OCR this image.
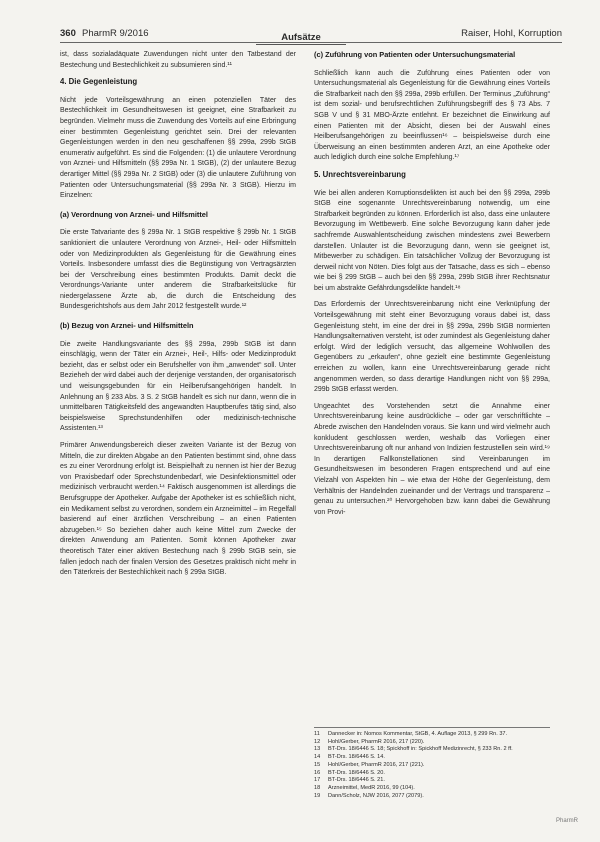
360 PharmR 9/2016	Aufsätze	Raiser, Hohl, Korruption

ist, dass sozialadäquate Zuwendungen nicht unter den Tatbestand der Bestechung und Bestechlichkeit zu subsumieren sind.¹¹

4. Die Gegenleistung

Nicht jede Vorteilsgewährung an einen potenziellen Täter des Bestechlichkeit im Gesundheitswesen ist geeignet, eine Strafbarkeit zu begründen. Vielmehr muss die Zuwendung des Vorteils auf eine Erbringung einer bestimmten Gegenleistung gerichtet sein. Drei der relevanten Gegenleistungen werden in den neu geschaffenen §§ 299a, 299b StGB enumerativ aufgeführt. Es sind die Folgenden: (1) die unlautere Verordnung von Arznei- und Hilfsmitteln (§§ 299a Nr. 1 StGB), (2) der unlautere Bezug derartiger Mittel (§§ 299a Nr. 2 StGB) oder (3) die unlautere Zuführung von Patienten oder Untersuchungsmaterial (§§ 299a Nr. 3 StGB). Hierzu im Einzelnen:

(a) Verordnung von Arznei- und Hilfsmittel

Die erste Tatvariante des § 299a Nr. 1 StGB respektive § 299b Nr. 1 StGB sanktioniert die unlautere Verordnung von Arznei-, Heil- oder Hilfsmitteln oder von Medizinprodukten als Gegenleistung für die Gewährung eines Vorteils. Insbesondere umfasst dies die Begünstigung von Vertragsärzten bei der Verschreibung eines bestimmten Produkts. Damit deckt die Verordnungs-Variante unter anderem die Strafbarkeitslücke für niedergelassene Ärzte ab, die durch die Entscheidung des Bundesgerichtshofs aus dem Jahr 2012 festgestellt wurde.¹²

(b) Bezug von Arznei- und Hilfsmitteln

Die zweite Handlungsvariante des §§ 299a, 299b StGB ist dann einschlägig, wenn der Täter ein Arznei-, Heil-, Hilfs- oder Medizinprodukt bezieht, das er selbst oder ein Berufshelfer von ihm „anwendet“ soll. Unter Bezieheh der wird dabei auch der derjenige verstanden, der organisatorisch und weisungsgebunden für ein Heilberufsangehörigen handelt. In Anlehnung an § 233 Abs. 3 S. 2 StGB handelt es sich nur dann, wenn die in unmittelbaren Tätigkeitsfeld des angewandten Hauptberufes tätig sind, also beispielsweise Sprechstundenhilfen oder medizinisch-technische Assistenten.¹³

Primärer Anwendungsbereich dieser zweiten Variante ist der Bezug von Mitteln, die zur direkten Abgabe an den Patienten bestimmt sind, ohne dass es zu einer Verordnung erfolgt ist. Beispielhaft zu nennen ist hier der Bezug von Praxisbedarf oder Sprechstundenbedarf, wie Desinfektionsmittel oder medizinisch verbraucht werden.¹⁴ Faktisch ausgenommen ist allerdings die Berufsgruppe der Apotheker. Aufgabe der Apotheker ist es schließlich nicht, ein Medikament selbst zu verordnen, sondern ein Arzneimittel – im Regelfall basierend auf einer ärztlichen Verschreibung – an einen Patienten abzugeben.¹⁵ So beziehen daher auch keine Mittel zum Zwecke der direkten Anwendung am Patienten. Somit können Apotheker zwar theoretisch Täter einer aktiven Bestechung nach § 299b StGB sein, sie fallen jedoch nach der finalen Version des Gesetzes praktisch nicht mehr in den Täterkreis der Bestechlichkeit nach § 299a StGB.

(c) Zuführung von Patienten oder Untersuchungsmaterial

Schließlich kann auch die Zuführung eines Patienten oder von Untersuchungsmaterial als Gegenleistung für die Gewährung eines Vorteils die Strafbarkeit nach den §§ 299a, 299b erfüllen. Der Terminus „Zuführung“ ist dem sozial- und berufsrechtlichen Zuführungsbegriff des § 73 Abs. 7 SGB V und § 31 MBO-Ärzte entlehnt. Er bezeichnet die Einwirkung auf einen Patienten mit der Absicht, diesen bei der Auswahl eines Heilberufsangehörigen zu beeinflussen¹⁶ – beispielsweise durch eine Überweisung an einen bestimmten anderen Arzt, an eine Apotheke oder auch lediglich durch eine solche Empfehlung.¹⁷

5. Unrechtsvereinbarung

Wie bei allen anderen Korruptionsdelikten ist auch bei den §§ 299a, 299b StGB eine sogenannte Unrechtsvereinbarung notwendig, um eine Strafbarkeit begründen zu können. Erforderlich ist also, dass eine unlautere Bevorzugung im Wettbewerb. Eine solche Bevorzugung kann daher jede sachfremde Auswahlentscheidung zwischen mindestens zwei Bewerbern darstellen. Unlauter ist die Bevorzugung dann, wenn sie geeignet ist, Mitbewerber zu schädigen. Ein tatsächlicher Vollzug der Bevorzugung ist derweil nicht von Nöten. Dies folgt aus der Tatsache, dass es sich – ebenso wie bei § 299 StGB – auch bei den §§ 299a, 299b StGB ihrer Rechtsnatur bei um abstrakte Gefährdungsdelikte handelt.¹⁸

Das Erfordernis der Unrechtsvereinbarung nicht eine Verknüpfung der Vorteilsgewährung mit steht einer Bevorzugung voraus dabei ist, dass Gegenleistung steht, im eine der drei in §§ 299a, 299b StGB normierten Handlungsalternativen versteht, ist oder zumindest als Gegenleistung daher erfolgt. Wird der lediglich versucht, das allgemeine Wohlwollen des Gegenübers zu „erkaufen“, ohne gezielt eine bestimmte Gegenleistung erreichen zu wollen, kann eine Unrechtsvereinbarung gerade nicht angenommen werden, so dass derartige Handlungen nicht von §§ 299a, 299b StGB erfasst werden.

Ungeachtet des Vorstehenden setzt die Annahme einer Unrechtsvereinbarung keine ausdrückliche – oder gar verschriftlichte – Abrede zwischen den Handelnden voraus. Sie kann und wird vielmehr auch konkludent geschlossen werden, weshalb das Vorliegen einer Unrechtsvereinbarung oft nur anhand von Indizien festzustellen sein wird.¹⁹ In derartigen Fallkonstellationen sind Vereinbarungen im Gesundheitswesen im besonderen Fragen entsprechend und auf eine Vielzahl von Aspekten hin – wie etwa der Höhe der Gegenleistung, dem Verhältnis der Handelnden zueinander und der Vertrags und transparenz – genau zu untersuchen.²⁰ Hervorgehoben bzw. kann dabei die Gewährung von Provi-

11	Dannecker in: Nomos Kommentar, StGB, 4. Auflage 2013, § 299 Rn. 37.
12	Hohl/Gerber, PharmR 2016, 217 (220).
13	BT-Drs. 18/6446 S. 18; Spickhoff in: Spickhoff Medizinrecht, § 233 Rn. 2 ff.
14	BT-Drs. 18/6446 S. 14.
15	Hohl/Gerber, PharmR 2016, 217 (221).
16	BT-Drs. 18/6446 S. 20.
17	BT-Drs. 18/6446 S. 21.
18	Arzneimittel, MedR 2016, 99 (104).
19	Dann/Scholz, NJW 2016, 2077 (2079).
PharmR
